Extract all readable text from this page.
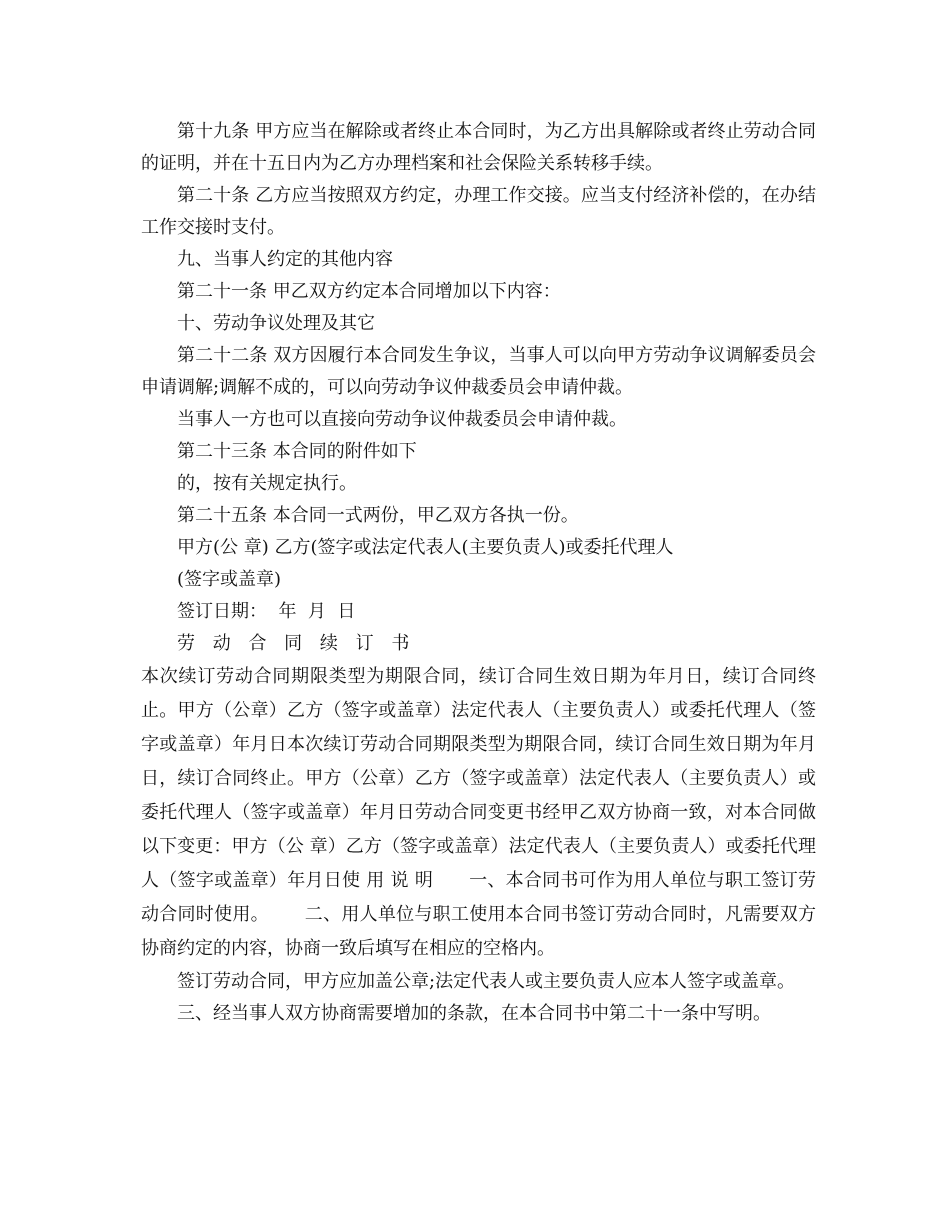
第十九条 甲方应当在解除或者终止本合同时，为乙方出具解除或者终止劳动合同的证明，并在十五日内为乙方办理档案和社会保险关系转移手续。

第二十条 乙方应当按照双方约定，办理工作交接。应当支付经济补偿的，在办结工作交接时支付。

九、当事人约定的其他内容

第二十一条 甲乙双方约定本合同增加以下内容：

十、劳动争议处理及其它

第二十二条 双方因履行本合同发生争议，当事人可以向甲方劳动争议调解委员会申请调解;调解不成的，可以向劳动争议仲裁委员会申请仲裁。

当事人一方也可以直接向劳动争议仲裁委员会申请仲裁。

第二十三条 本合同的附件如下

的，按有关规定执行。

第二十五条 本合同一式两份，甲乙双方各执一份。

甲方(公 章) 乙方(签字或法定代表人(主要负责人)或委托代理人

(签字或盖章)

签订日期：  年  月  日

劳 动 合 同 续 订 书

本次续订劳动合同期限类型为期限合同，续订合同生效日期为年月日，续订合同终止。甲方（公章）乙方（签字或盖章）法定代表人（主要负责人）或委托代理人（签字或盖章）年月日本次续订劳动合同期限类型为期限合同，续订合同生效日期为年月日，续订合同终止。甲方（公章）乙方（签字或盖章）法定代表人（主要负责人）或委托代理人（签字或盖章）年月日劳动合同变更书经甲乙双方协商一致，对本合同做以下变更：甲方（公 章）乙方（签字或盖章）法定代表人（主要负责人）或委托代理人（签字或盖章）年月日使 用 说 明      一、本合同书可作为用人单位与职工签订劳动合同时使用。      二、用人单位与职工使用本合同书签订劳动合同时，凡需要双方协商约定的内容，协商一致后填写在相应的空格内。

签订劳动合同，甲方应加盖公章;法定代表人或主要负责人应本人签字或盖章。

三、经当事人双方协商需要增加的条款，在本合同书中第二十一条中写明。
